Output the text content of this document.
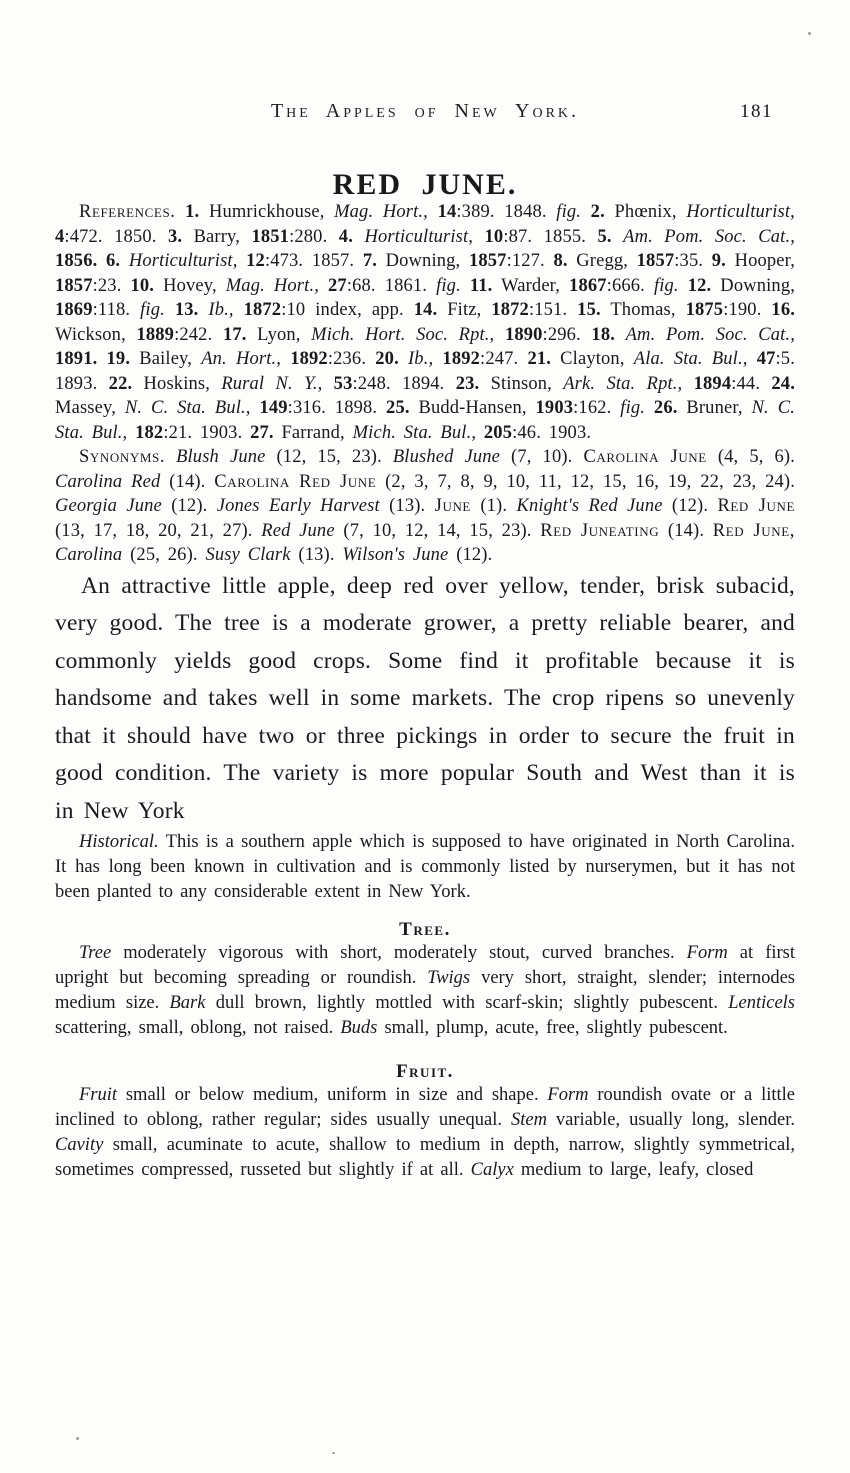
The Apples of New York.	181
RED JUNE.

References. 1. Humrickhouse, Mag. Hort., 14:389. 1848. fig. 2. Phœnix, Horticulturist, 4:472. 1850. 3. Barry, 1851:280. 4. Horticulturist, 10:87. 1855. 5. Am. Pom. Soc. Cat., 1856. 6. Horticulturist, 12:473. 1857. 7. Downing, 1857:127. 8. Gregg, 1857:35. 9. Hooper, 1857:23. 10. Hovey, Mag. Hort., 27:68. 1861. fig. 11. Warder, 1867:666. fig. 12. Downing, 1869:118. fig. 13. Ib., 1872:10 index, app. 14. Fitz, 1872:151. 15. Thomas, 1875:190. 16. Wickson, 1889:242. 17. Lyon, Mich. Hort. Soc. Rpt., 1890:296. 18. Am. Pom. Soc. Cat., 1891. 19. Bailey, An. Hort., 1892:236. 20. Ib., 1892:247. 21. Clayton, Ala. Sta. Bul., 47:5. 1893. 22. Hoskins, Rural N. Y., 53:248. 1894. 23. Stinson, Ark. Sta. Rpt., 1894:44. 24. Massey, N. C. Sta. Bul., 149:316. 1898. 25. Budd-Hansen, 1903:162. fig. 26. Bruner, N. C. Sta. Bul., 182:21. 1903. 27. Farrand, Mich. Sta. Bul., 205:46. 1903.

Synonyms. Blush June (12, 15, 23). Blushed June (7, 10). Carolina June (4, 5, 6). Carolina Red (14). Carolina Red June (2, 3, 7, 8, 9, 10, 11, 12, 15, 16, 19, 22, 23, 24). Georgia June (12). Jones Early Harvest (13). June (1). Knight's Red June (12). Red June (13, 17, 18, 20, 21, 27). Red June (7, 10, 12, 14, 15, 23). Red Juneating (14). Red June, Carolina (25, 26). Susy Clark (13). Wilson's June (12).

An attractive little apple, deep red over yellow, tender, brisk subacid, very good. The tree is a moderate grower, a pretty reliable bearer, and commonly yields good crops. Some find it profitable because it is handsome and takes well in some markets. The crop ripens so unevenly that it should have two or three pickings in order to secure the fruit in good condition. The variety is more popular South and West than it is in New York

Historical. This is a southern apple which is supposed to have originated in North Carolina. It has long been known in cultivation and is commonly listed by nurserymen, but it has not been planted to any considerable extent in New York.

Tree.

Tree moderately vigorous with short, moderately stout, curved branches. Form at first upright but becoming spreading or roundish. Twigs very short, straight, slender; internodes medium size. Bark dull brown, lightly mottled with scarf-skin; slightly pubescent. Lenticels scattering, small, oblong, not raised. Buds small, plump, acute, free, slightly pubescent.

Fruit.

Fruit small or below medium, uniform in size and shape. Form roundish ovate or a little inclined to oblong, rather regular; sides usually unequal. Stem variable, usually long, slender. Cavity small, acuminate to acute, shallow to medium in depth, narrow, slightly symmetrical, sometimes compressed, russeted but slightly if at all. Calyx medium to large, leafy, closed
